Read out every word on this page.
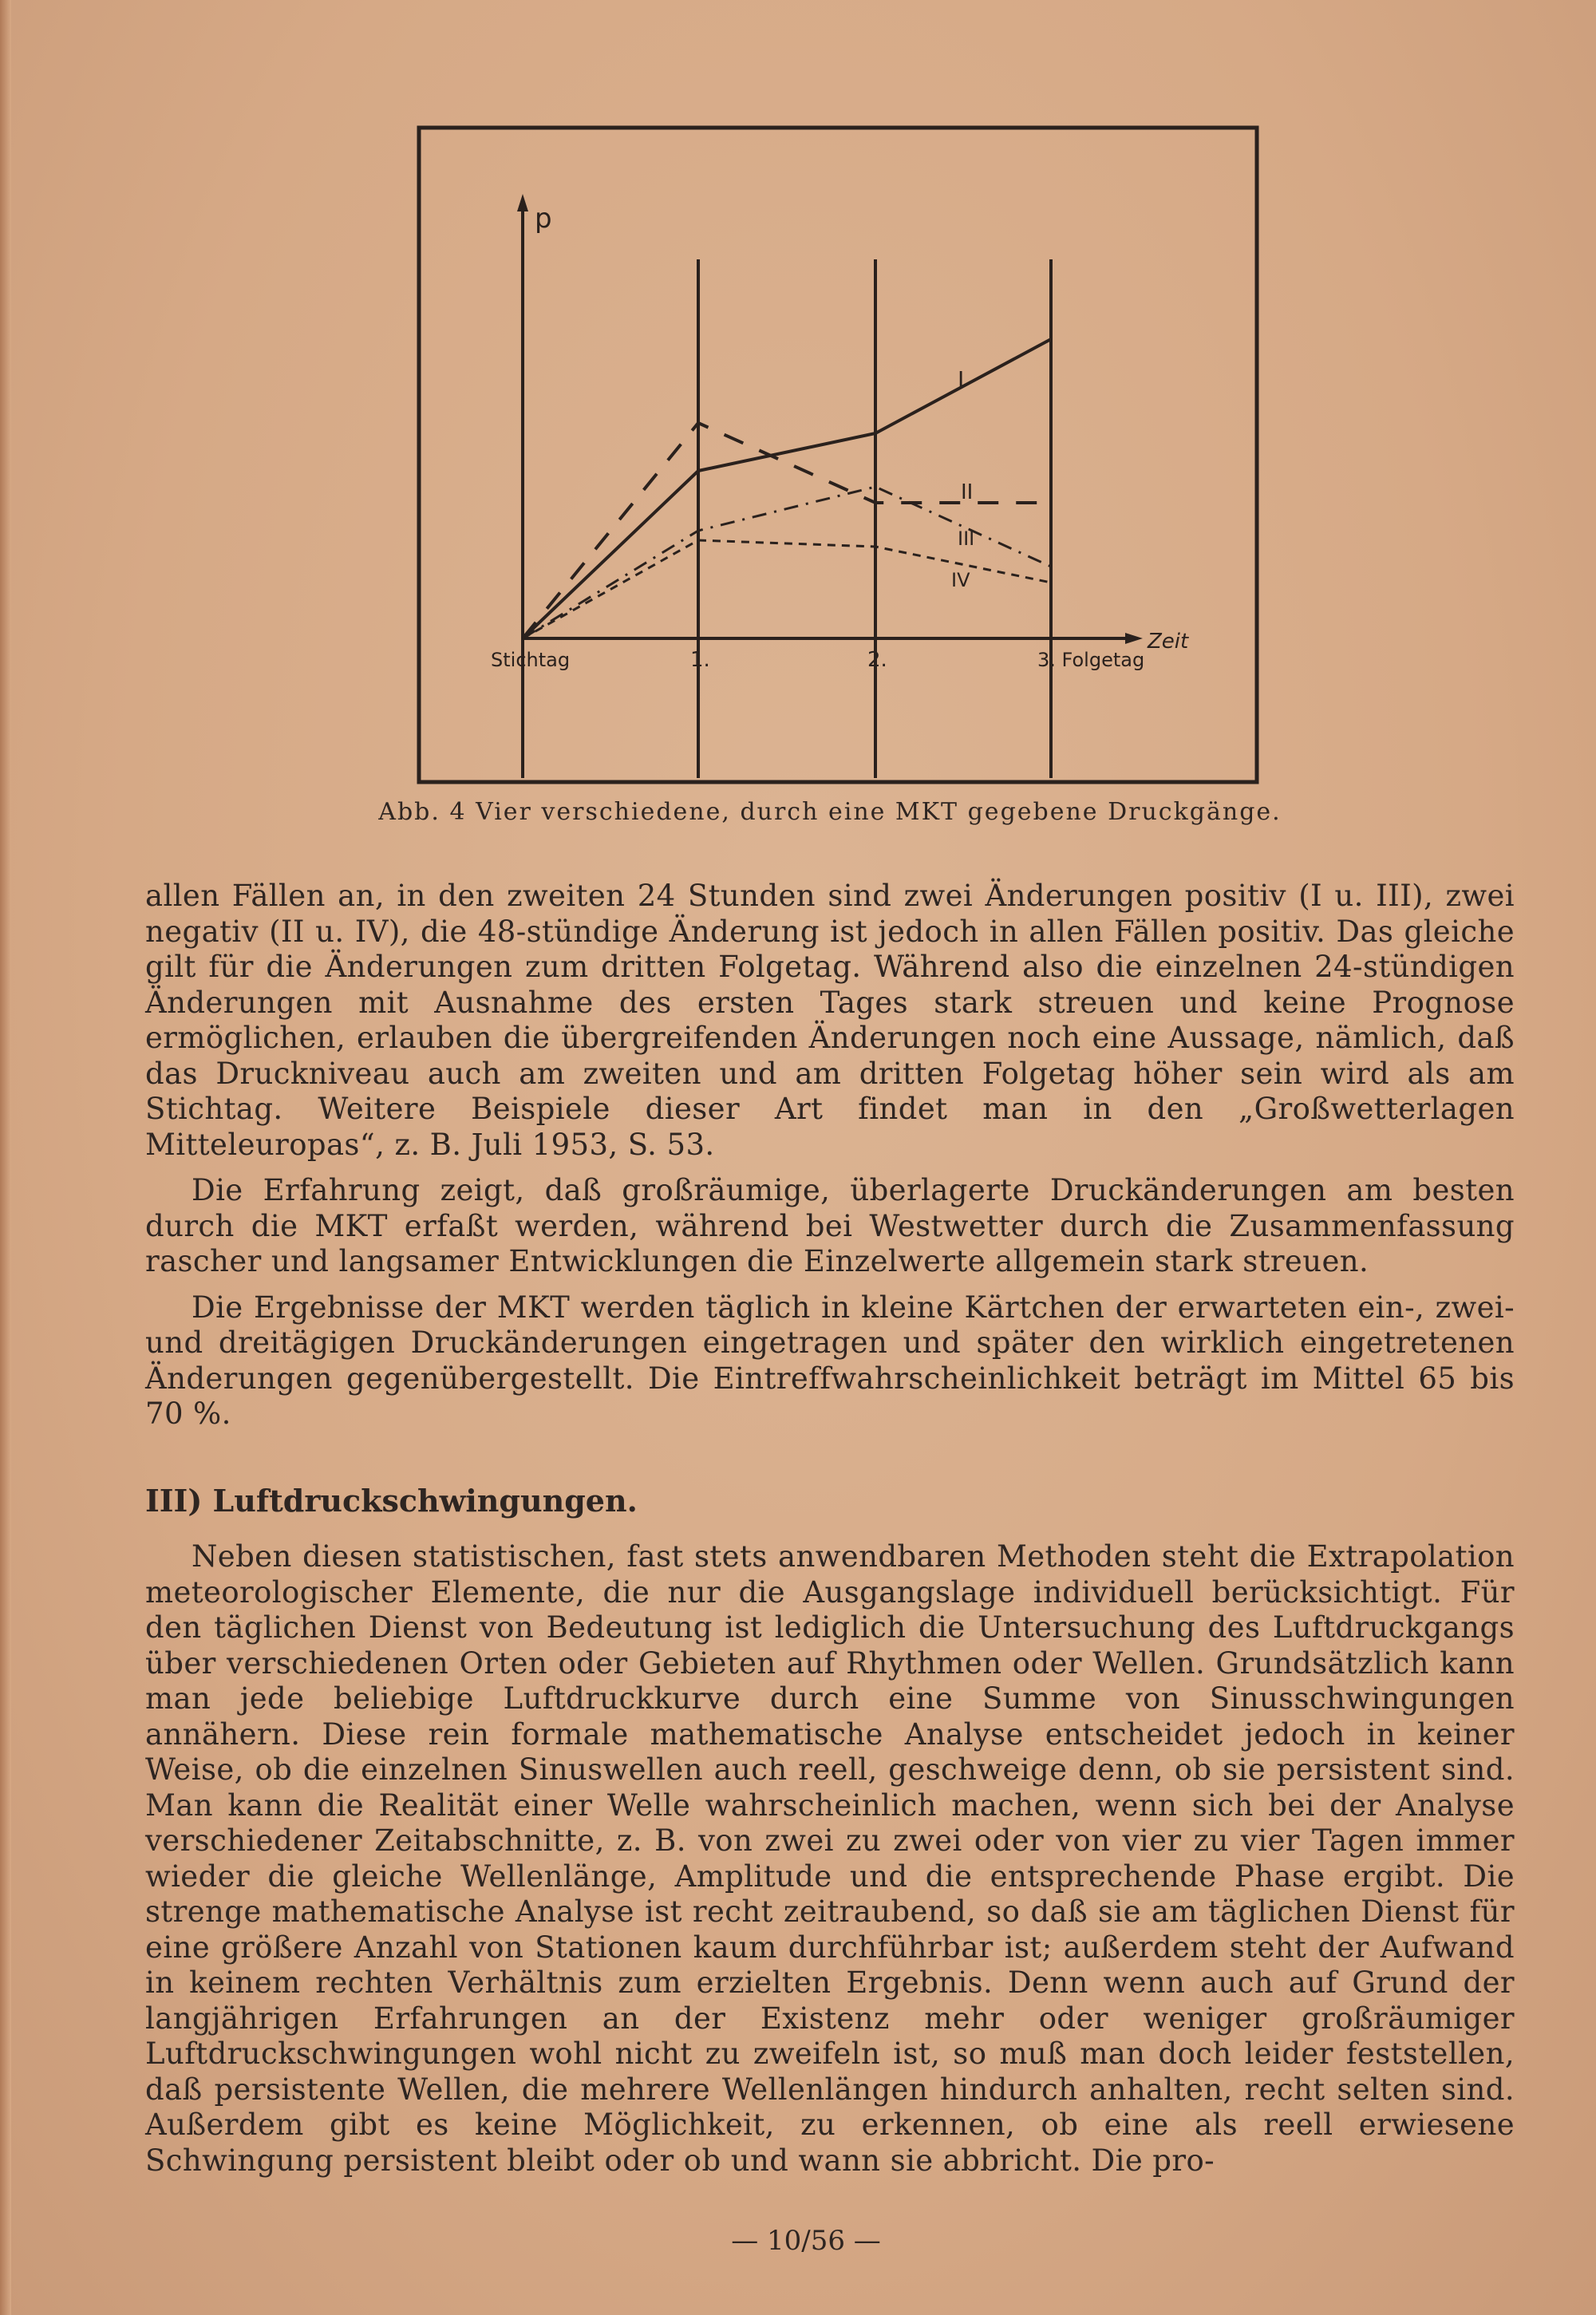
p
Zeit
Stichtag	1.	2.	3. Folgetag
I
II
III
IV
Abb. 4 Vier verschiedene, durch eine MKT gegebene Druckgänge.

allen Fällen an, in den zweiten 24 Stunden sind zwei Änderungen positiv (I u. III), zwei negativ (II u. IV), die 48-stündige Änderung ist jedoch in allen Fällen positiv. Das gleiche gilt für die Änderungen zum dritten Folgetag. Während also die einzelnen 24-stündigen Änderungen mit Ausnahme des ersten Tages stark streuen und keine Prognose ermöglichen, erlauben die übergreifenden Änderungen noch eine Aussage, nämlich, daß das Druckniveau auch am zweiten und am dritten Folgetag höher sein wird als am Stichtag. Weitere Beispiele dieser Art findet man in den „Großwetterlagen Mitteleuropas“, z. B. Juli 1953, S. 53.

Die Erfahrung zeigt, daß großräumige, überlagerte Druckänderungen am besten durch die MKT erfaßt werden, während bei Westwetter durch die Zusammenfassung rascher und langsamer Entwicklungen die Einzelwerte allgemein stark streuen.

Die Ergebnisse der MKT werden täglich in kleine Kärtchen der erwarteten ein-, zwei- und dreitägigen Druckänderungen eingetragen und später den wirklich eingetretenen Änderungen gegenübergestellt. Die Eintreffwahrscheinlichkeit beträgt im Mittel 65 bis 70 %.

III) Luftdruckschwingungen.

Neben diesen statistischen, fast stets anwendbaren Methoden steht die Extrapolation meteorologischer Elemente, die nur die Ausgangslage individuell berücksichtigt. Für den täglichen Dienst von Bedeutung ist lediglich die Untersuchung des Luftdruckgangs über verschiedenen Orten oder Gebieten auf Rhythmen oder Wellen. Grundsätzlich kann man jede beliebige Luftdruckkurve durch eine Summe von Sinusschwingungen annähern. Diese rein formale mathematische Analyse entscheidet jedoch in keiner Weise, ob die einzelnen Sinuswellen auch reell, geschweige denn, ob sie persistent sind. Man kann die Realität einer Welle wahrscheinlich machen, wenn sich bei der Analyse verschiedener Zeitabschnitte, z. B. von zwei zu zwei oder von vier zu vier Tagen immer wieder die gleiche Wellenlänge, Amplitude und die entsprechende Phase ergibt. Die strenge mathematische Analyse ist recht zeitraubend, so daß sie am täglichen Dienst für eine größere Anzahl von Stationen kaum durchführbar ist; außerdem steht der Aufwand in keinem rechten Verhältnis zum erzielten Ergebnis. Denn wenn auch auf Grund der langjährigen Erfahrungen an der Existenz mehr oder weniger großräumiger Luftdruckschwingungen wohl nicht zu zweifeln ist, so muß man doch leider feststellen, daß persistente Wellen, die mehrere Wellenlängen hindurch anhalten, recht selten sind. Außerdem gibt es keine Möglichkeit, zu erkennen, ob eine als reell erwiesene Schwingung persistent bleibt oder ob und wann sie abbricht. Die pro-

— 10/56 —
